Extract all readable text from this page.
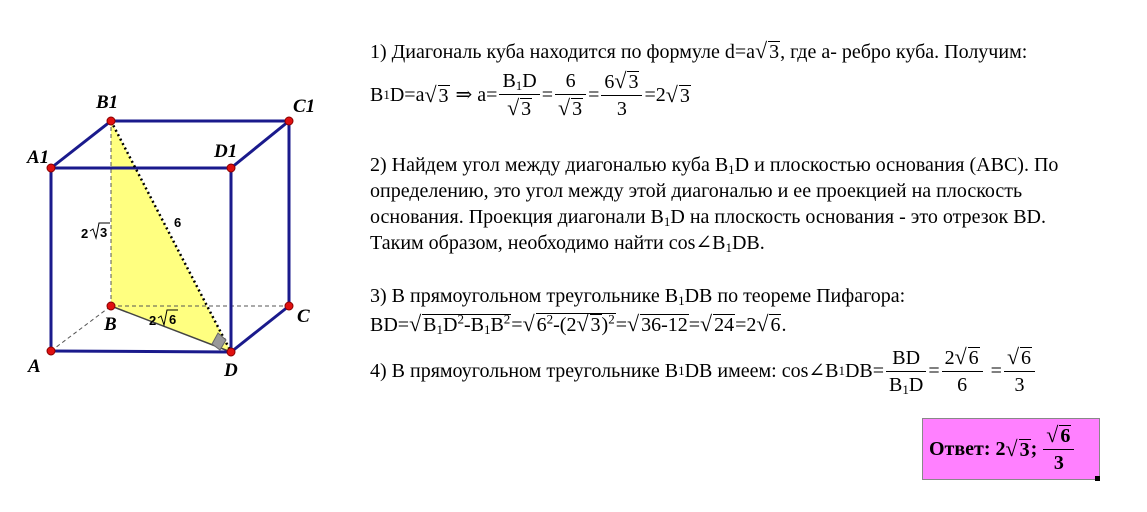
A
B	C
D
A1
B1	C1
D1
2 3
6
2 6
1) Диагональ куба находится по формуле d=a√ 3, где a- ребро куба. Получим:
B 1 D=a √ 3 ⇒ $a= \frac{B_1D}{√ 3} = \frac{6}{√ 3} = \frac{6√ 3}{3} =2$ √ 3
2) Найдем угол между диагональю куба $B_1D$ и плоскостью основания (ABC). По
определению, это угол между этой диагональю и ее проекцией на плоскость
основания. Проекция диагонали $B_1D$ на плоскость основания - это отрезок BD.
Таким образом, необходимо найти $\cos\angle B_1DB$.
3) В прямоугольном треугольнике $B_1DB$ по теореме Пифагора:
BD=√ $B_1D^2-B_1B^2=√$ $6^2-(2√$ 3)$^2$=√ 36-12=√ 24=2√ 6.
4) В прямоугольном треугольнике B 1 DB имеем: cos∠B 1 $DB= \frac{BD}{B_1D} = \frac{2√ 6}{6} = \frac{√ 6}{3}$
Ответ: 2 √ 3 ; $\frac{√ 6}{3}$
